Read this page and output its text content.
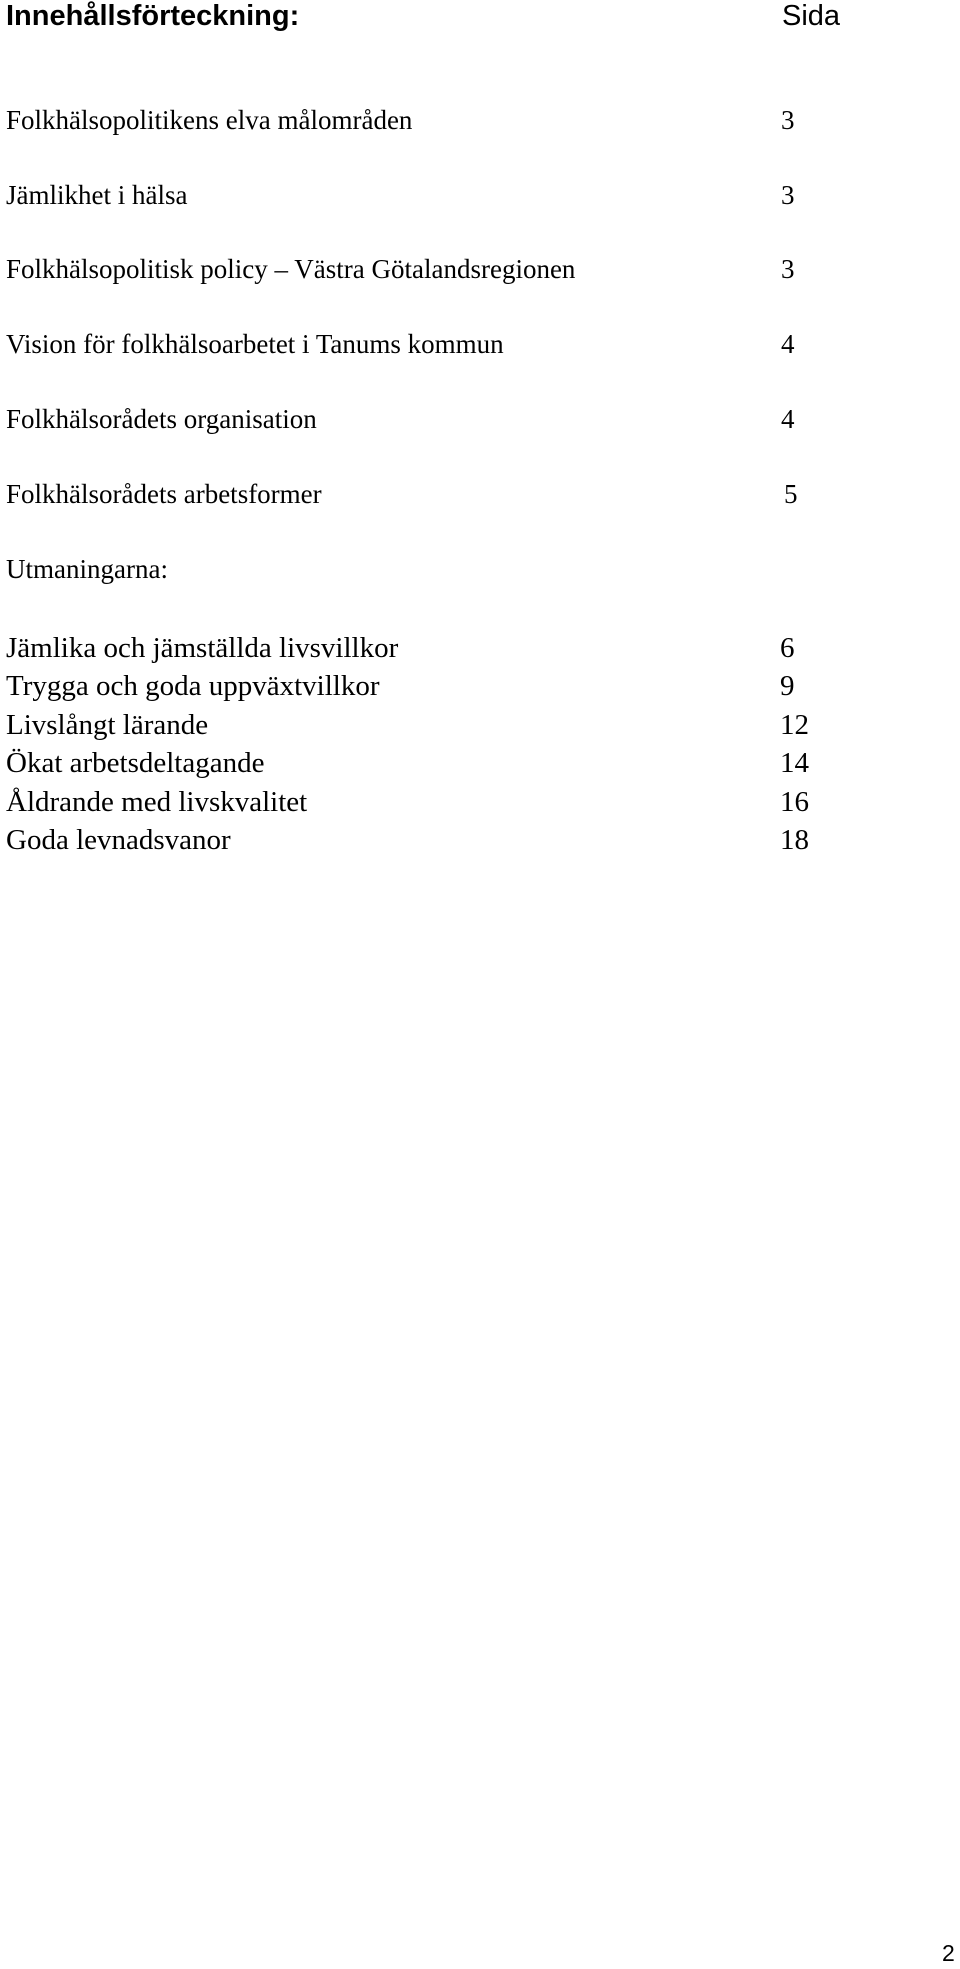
Innehållsförteckning:	Sida
Folkhälsopolitikens elva målområden	3
Jämlikhet i hälsa	3
Folkhälsopolitisk policy – Västra Götalandsregionen	3
Vision för folkhälsoarbetet i Tanums kommun	4
Folkhälsorådets organisation	4
Folkhälsorådets arbetsformer	5
Utmaningarna:
Jämlika och jämställda livsvillkor	6
Trygga och goda uppväxtvillkor	9
Livslångt lärande	12
Ökat arbetsdeltagande	14
Åldrande med livskvalitet	16
Goda levnadsvanor	18
2
